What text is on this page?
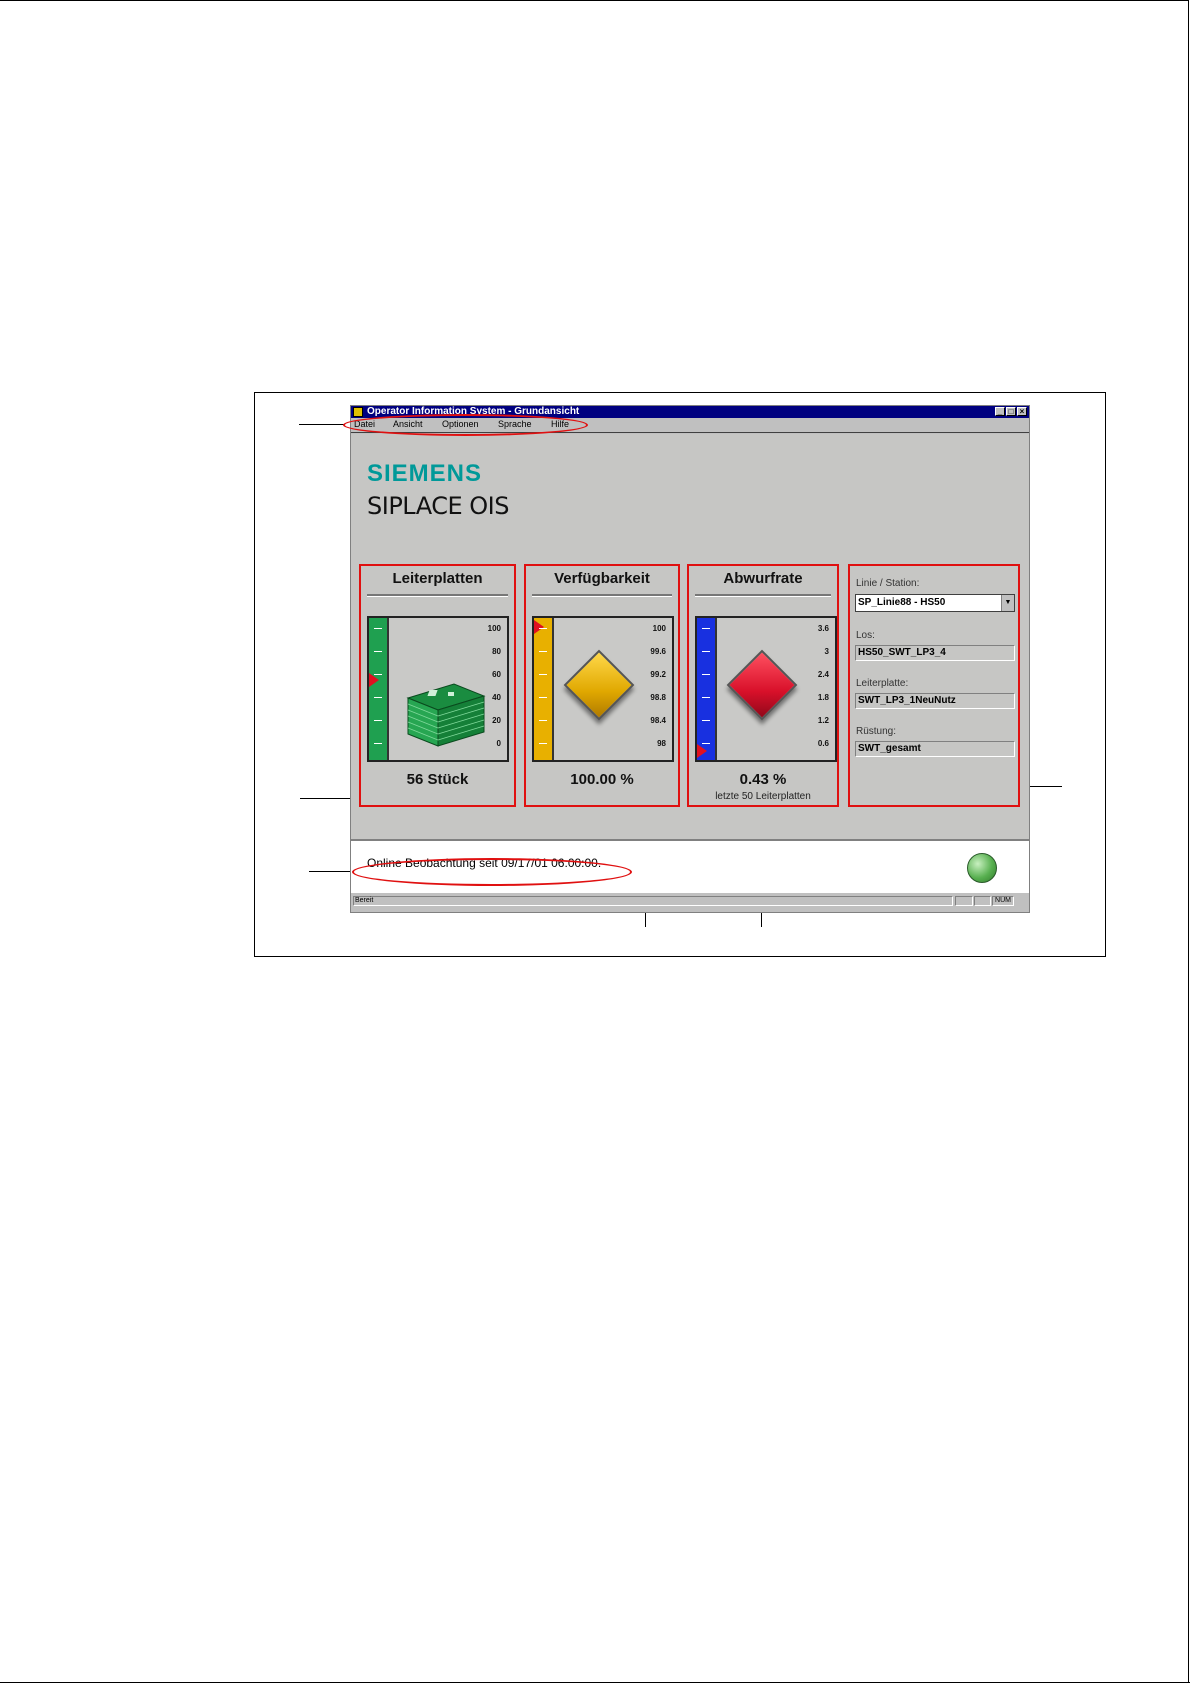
Operator Information System - Grundansicht	_ □ ×
Datei Ansicht Optionen Sprache Hilfe
SIEMENS
SIPLACE OIS
Leiterplatten
100
80
60
40
20
0
56 Stück
Verfügbarkeit
100
99.6
99.2
98.8
98.4
98
100.00 %
Abwurfrate
3.6
3
2.4
1.8
1.2
0.6
0.43 %
letzte 50 Leiterplatten
Linie / Station:
SP_Linie88 - HS50	▼
Los:
HS50_SWT_LP3_4
Leiterplatte:
SWT_LP3_1NeuNutz
Rüstung:
SWT_gesamt
Online Beobachtung seit 09/17/01 06:00:00.
Bereit	NUM
